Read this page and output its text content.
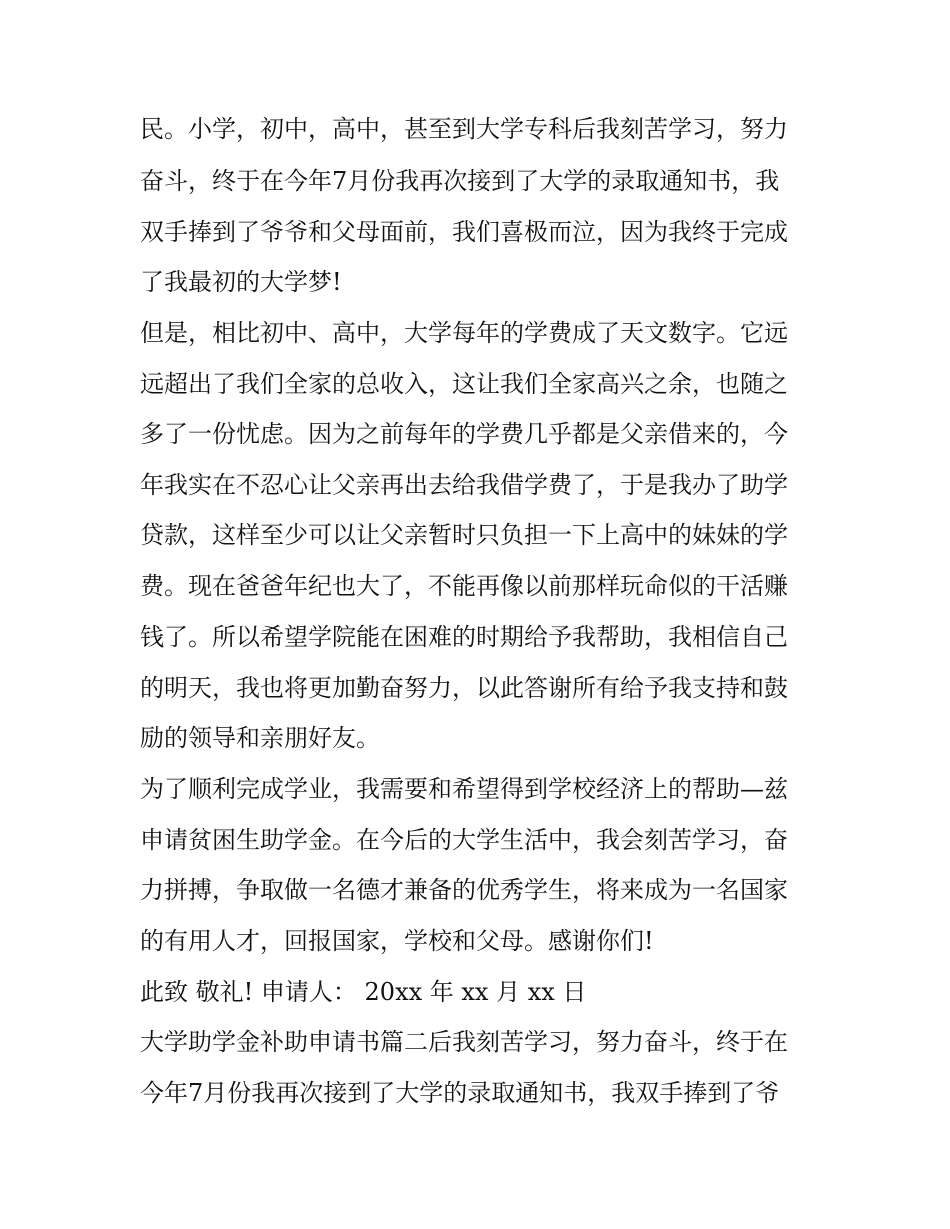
民。小学，初中，高中，甚至到大学专科后我刻苦学习，努力
奋斗，终于在今年7月份我再次接到了大学的录取通知书，我
双手捧到了爷爷和父母面前，我们喜极而泣，因为我终于完成
了我最初的大学梦!
但是，相比初中、高中，大学每年的学费成了天文数字。它远
远超出了我们全家的总收入，这让我们全家高兴之余，也随之
多了一份忧虑。因为之前每年的学费几乎都是父亲借来的，今
年我实在不忍心让父亲再出去给我借学费了，于是我办了助学
贷款，这样至少可以让父亲暂时只负担一下上高中的妹妹的学
费。现在爸爸年纪也大了，不能再像以前那样玩命似的干活赚
钱了。所以希望学院能在困难的时期给予我帮助，我相信自己
的明天，我也将更加勤奋努力，以此答谢所有给予我支持和鼓
励的领导和亲朋好友。
为了顺利完成学业，我需要和希望得到学校经济上的帮助—兹
申请贫困生助学金。在今后的大学生活中，我会刻苦学习，奋
力拼搏，争取做一名德才兼备的优秀学生，将来成为一名国家
的有用人才，回报国家，学校和父母。感谢你们!
此致 敬礼! 申请人： 20xx 年 xx 月 xx 日
大学助学金补助申请书篇二后我刻苦学习，努力奋斗，终于在
今年7月份我再次接到了大学的录取通知书，我双手捧到了爷
